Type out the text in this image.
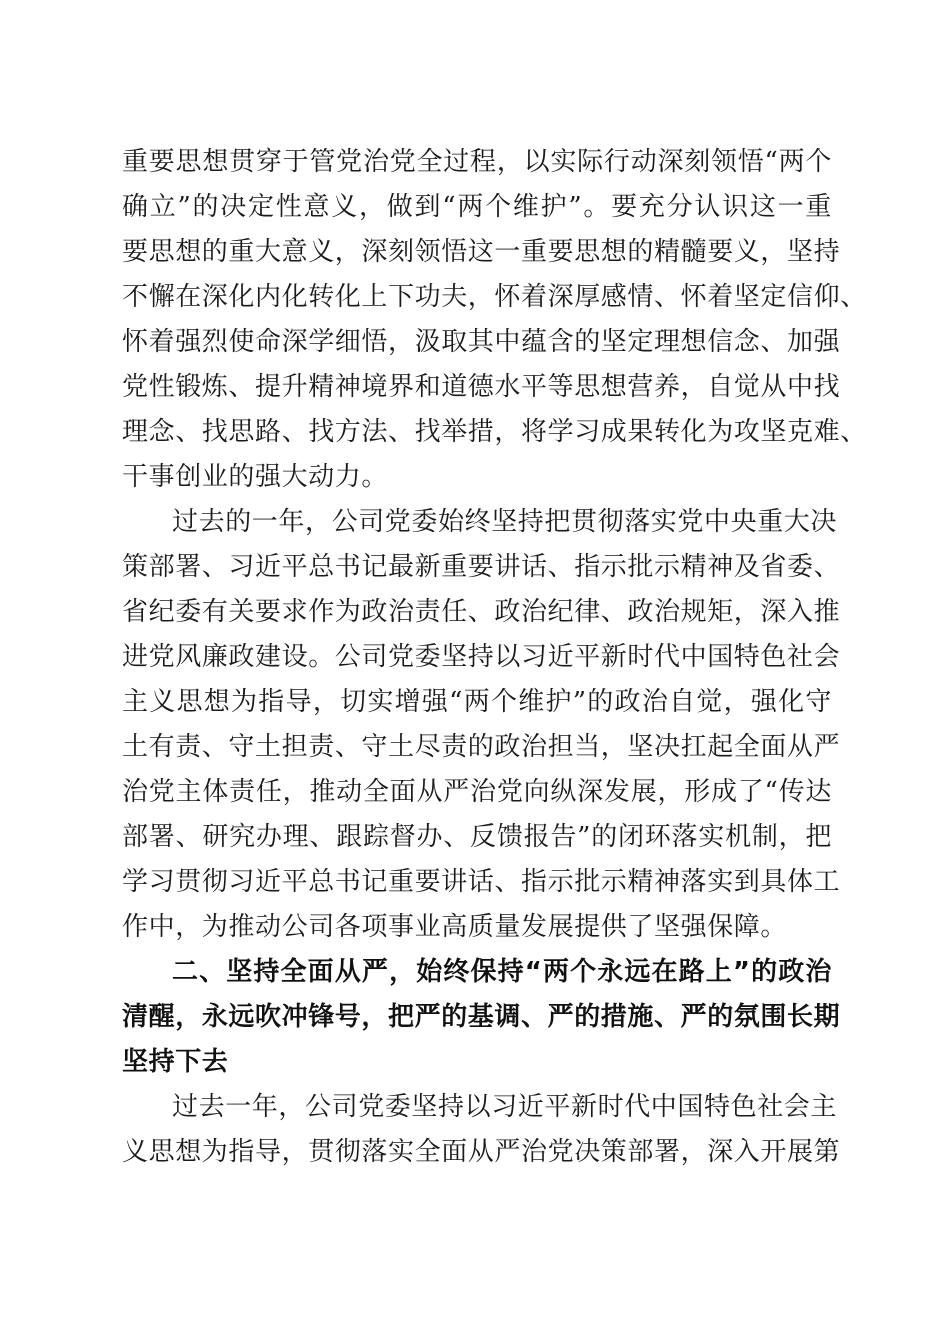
重要思想贯穿于管党治党全过程，以实际行动深刻领悟“两个
确立”的决定性意义，做到“两个维护”。要充分认识这一重
要思想的重大意义，深刻领悟这一重要思想的精髓要义，坚持
不懈在深化内化转化上下功夫，怀着深厚感情、怀着坚定信仰、
怀着强烈使命深学细悟，汲取其中蕴含的坚定理想信念、加强
党性锻炼、提升精神境界和道德水平等思想营养，自觉从中找
理念、找思路、找方法、找举措，将学习成果转化为攻坚克难、
干事创业的强大动力。
过去的一年，公司党委始终坚持把贯彻落实党中央重大决
策部署、习近平总书记最新重要讲话、指示批示精神及省委、
省纪委有关要求作为政治责任、政治纪律、政治规矩，深入推
进党风廉政建设。公司党委坚持以习近平新时代中国特色社会
主义思想为指导，切实增强“两个维护”的政治自觉，强化守
土有责、守土担责、守土尽责的政治担当，坚决扛起全面从严
治党主体责任，推动全面从严治党向纵深发展，形成了“传达
部署、研究办理、跟踪督办、反馈报告”的闭环落实机制，把
学习贯彻习近平总书记重要讲话、指示批示精神落实到具体工
作中，为推动公司各项事业高质量发展提供了坚强保障。
二、坚持全面从严，始终保持“两个永远在路上”的政治
清醒，永远吹冲锋号，把严的基调、严的措施、严的氛围长期
坚持下去
过去一年，公司党委坚持以习近平新时代中国特色社会主
义思想为指导，贯彻落实全面从严治党决策部署，深入开展第
